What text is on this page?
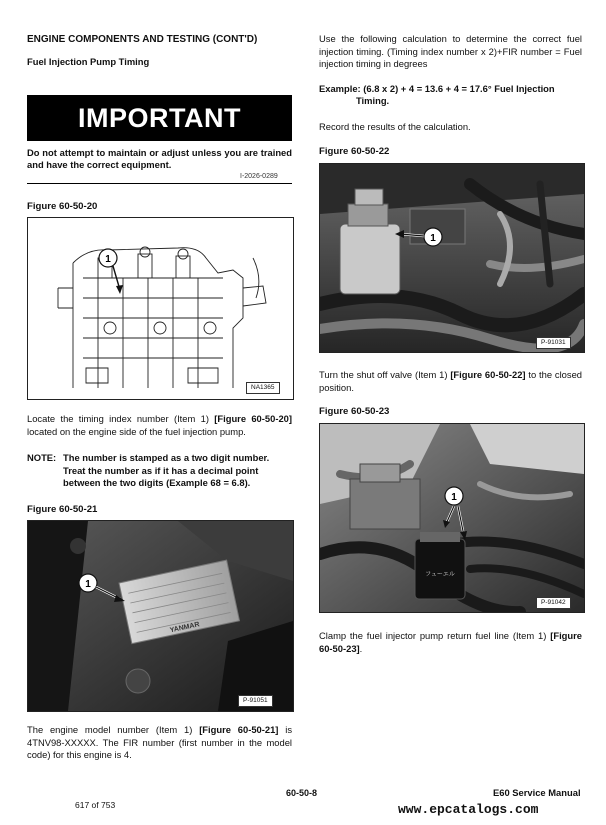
ENGINE COMPONENTS AND TESTING (CONT'D)
Fuel Injection Pump Timing
IMPORTANT
Do not attempt to maintain or adjust unless you are trained and have the correct equipment.
I-2026-0289
Figure 60-50-20
1
NA1365
Locate the timing index number (Item 1) [Figure 60-50-20] located on the engine side of the fuel injection pump.
NOTE: The number is stamped as a two digit number. Treat the number as if it has a decimal point between the two digits (Example 68 = 6.8).
Figure 60-50-21
YANMAR
1
P-91051
The engine model number (Item 1) [Figure 60-50-21] is 4TNV98-XXXXX. The FIR number (first number in the model code) for this engine is 4.
Use the following calculation to determine the correct fuel injection timing. (Timing index number x 2)+FIR number = Fuel injection timing in degrees
Example: (6.8 x 2) + 4 = 13.6 + 4 = 17.6° Fuel Injection
Timing.
Record the results of the calculation.
Figure 60-50-22
1
P-91031
Turn the shut off valve (Item 1) [Figure 60-50-22] to the closed position.
Figure 60-50-23
フューエル
1
P-91042
Clamp the fuel injector pump return fuel line (Item 1) [Figure 60-50-23].
60-50-8	E60 Service Manual
617 of 753	www.epcatalogs.com
